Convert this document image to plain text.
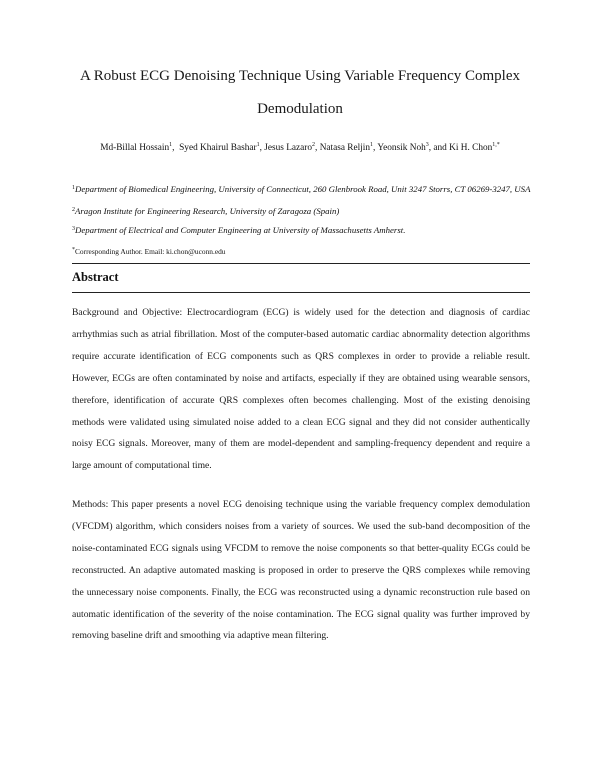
A Robust ECG Denoising Technique Using Variable Frequency Complex
Demodulation
Md-Billal Hossain$^1$,  Syed Khairul Bashar$^1$, Jesus Lazaro$^2$, Natasa Reljin$^1$, Yeonsik Noh$^3$, and Ki H. Chon$^{1,*}$
$^1$Department of Biomedical Engineering, University of Connecticut, 260 Glenbrook Road, Unit 3247 Storrs, CT 06269-3247, USA
$^2$Aragon Institute for Engineering Research, University of Zaragoza (Spain)
$^3$Department of Electrical and Computer Engineering at University of Massachusetts Amherst.
*Corresponding Author. Email: ki.chon@uconn.edu
Abstract
Background and Objective: Electrocardiogram (ECG) is widely used for the detection and diagnosis of cardiac arrhythmias such as atrial fibrillation. Most of the computer-based automatic cardiac abnormality detection algorithms require accurate identification of ECG components such as QRS complexes in order to provide a reliable result. However, ECGs are often contaminated by noise and artifacts, especially if they are obtained using wearable sensors, therefore, identification of accurate QRS complexes often becomes challenging. Most of the existing denoising methods were validated using simulated noise added to a clean ECG signal and they did not consider authentically noisy ECG signals. Moreover, many of them are model-dependent and sampling-frequency dependent and require a large amount of computational time.
Methods: This paper presents a novel ECG denoising technique using the variable frequency complex demodulation (VFCDM) algorithm, which considers noises from a variety of sources. We used the sub-band decomposition of the noise-contaminated ECG signals using VFCDM to remove the noise components so that better-quality ECGs could be reconstructed. An adaptive automated masking is proposed in order to preserve the QRS complexes while removing the unnecessary noise components. Finally, the ECG was reconstructed using a dynamic reconstruction rule based on automatic identification of the severity of the noise contamination. The ECG signal quality was further improved by removing baseline drift and smoothing via adaptive mean filtering.
